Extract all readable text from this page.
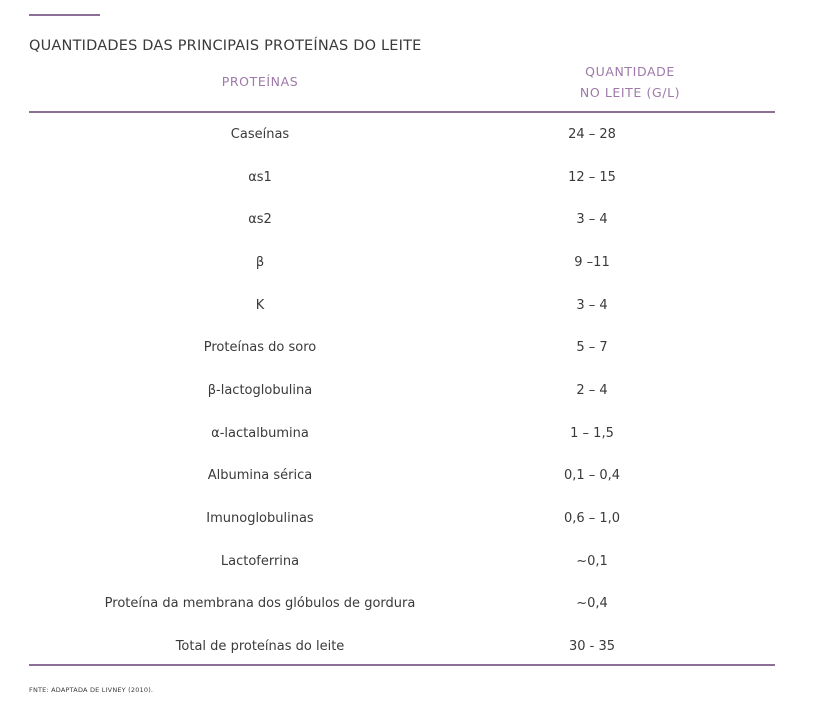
QUANTIDADES DAS PRINCIPAIS PROTEÍNAS DO LEITE
PROTEÍNAS
QUANTIDADE
NO LEITE (G/L)
Caseínas	24 – 28
αs1	12 – 15
αs2	3 – 4
β	9 –11
Κ	3 – 4
Proteínas do soro	5 – 7
β-lactoglobulina	2 – 4
α-lactalbumina	1 – 1,5
Albumina sérica	0,1 – 0,4
Imunoglobulinas	0,6 – 1,0
Lactoferrina	~0,1
Proteína da membrana dos glóbulos de gordura	~0,4
Total de proteínas do leite	30 - 35
FNTE: ADAPTADA DE LIVNEY (2010).
